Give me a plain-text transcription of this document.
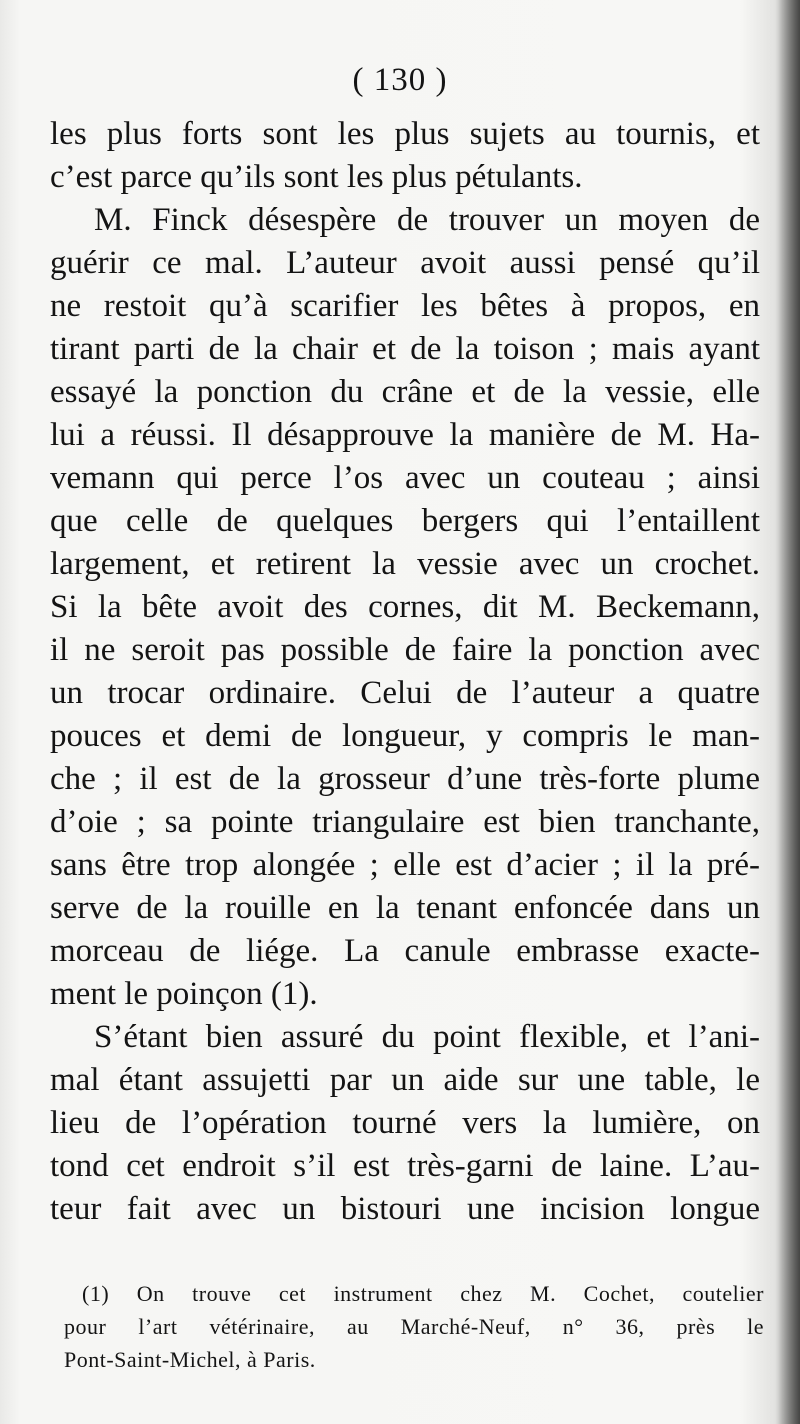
( 130 )
les plus forts sont les plus sujets au tournis, et
c’est parce qu’ils sont les plus pétulants.
M. Finck désespère de trouver un moyen de
guérir ce mal. L’auteur avoit aussi pensé qu’il
ne restoit qu’à scarifier les bêtes à propos, en
tirant parti de la chair et de la toison ; mais ayant
essayé la ponction du crâne et de la vessie, elle
lui a réussi. Il désapprouve la manière de M. Ha-
vemann qui perce l’os avec un couteau ; ainsi
que celle de quelques bergers qui l’entaillent
largement, et retirent la vessie avec un crochet.
Si la bête avoit des cornes, dit M. Beckemann,
il ne seroit pas possible de faire la ponction avec
un trocar ordinaire. Celui de l’auteur a quatre
pouces et demi de longueur, y compris le man-
che ; il est de la grosseur d’une très-forte plume
d’oie ; sa pointe triangulaire est bien tranchante,
sans être trop alongée ; elle est d’acier ; il la pré-
serve de la rouille en la tenant enfoncée dans un
morceau de liége. La canule embrasse exacte-
ment le poinçon (1).
S’étant bien assuré du point flexible, et l’ani-
mal étant assujetti par un aide sur une table, le
lieu de l’opération tourné vers la lumière, on
tond cet endroit s’il est très-garni de laine. L’au-
teur fait avec un bistouri une incision longue
(1) On trouve cet instrument chez M. Cochet, coutelier
pour l’art vétérinaire, au Marché-Neuf, n° 36, près le
Pont-Saint-Michel, à Paris.
